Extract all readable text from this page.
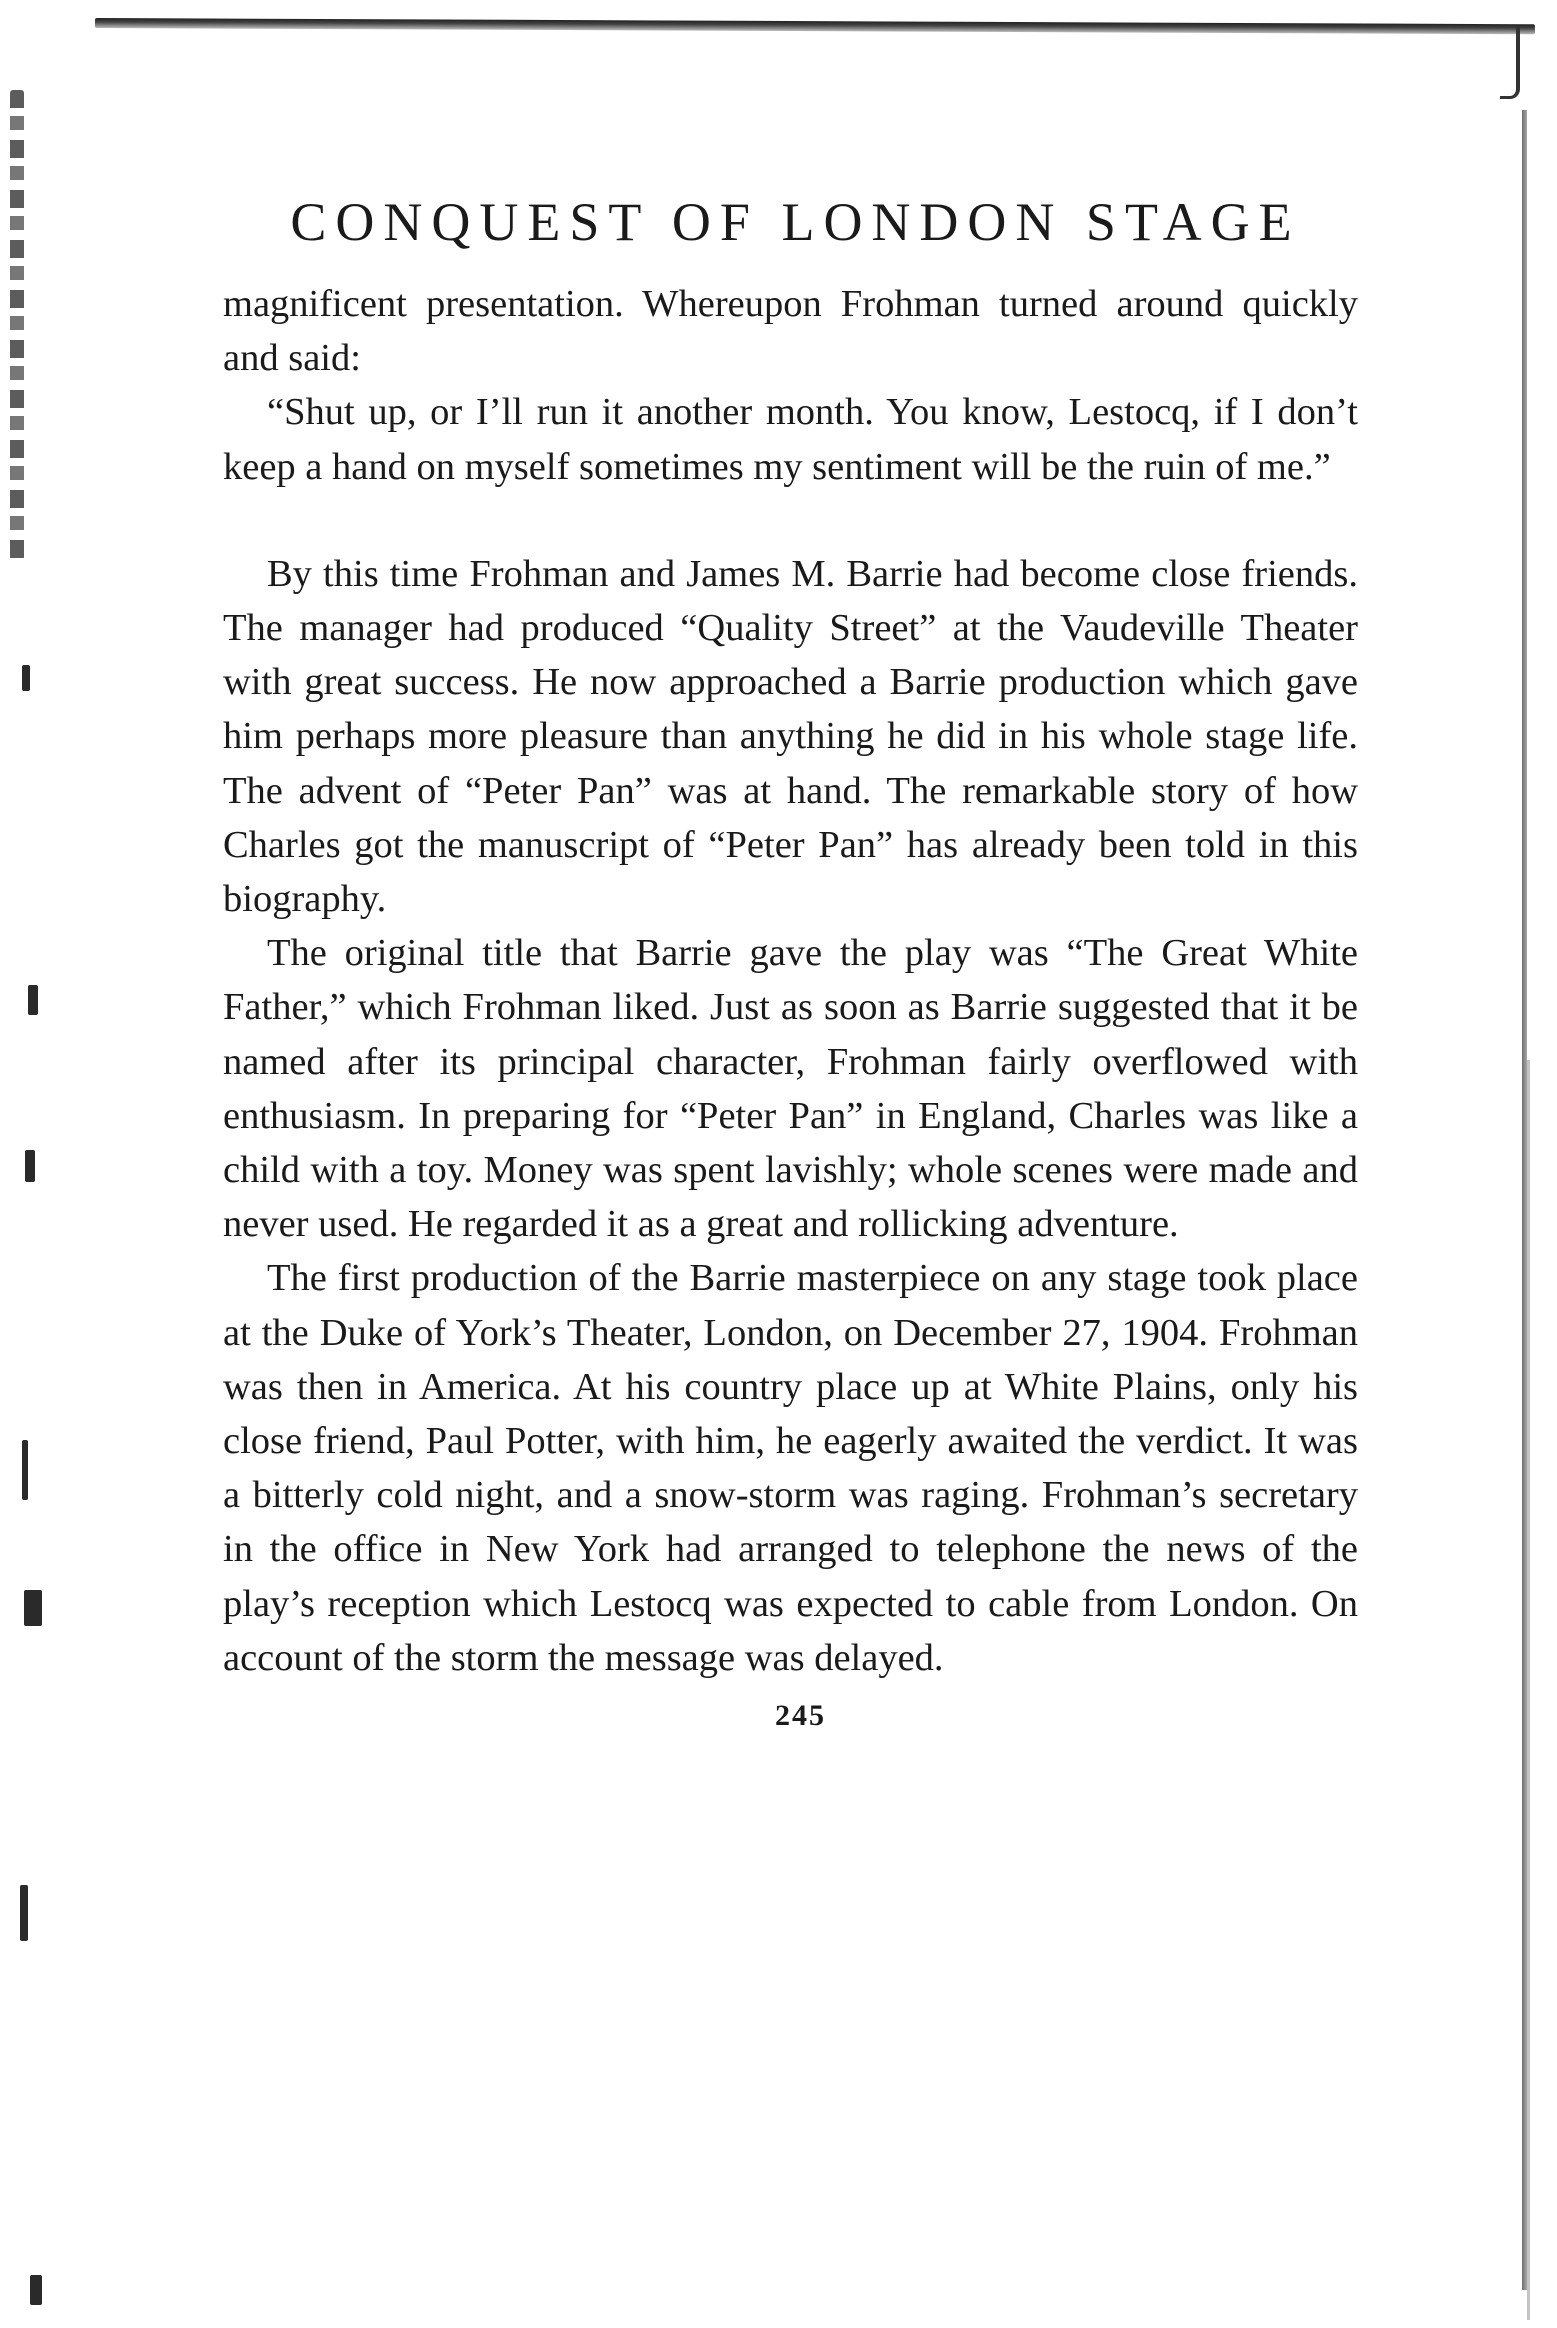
CONQUEST OF LONDON STAGE

magnificent presentation. Whereupon Frohman turned around quickly and said:

“Shut up, or I’ll run it another month. You know, Lestocq, if I don’t keep a hand on myself sometimes my sentiment will be the ruin of me.”

By this time Frohman and James M. Barrie had become close friends. The manager had produced “Quality Street” at the Vaudeville Theater with great success. He now approached a Barrie production which gave him perhaps more pleasure than anything he did in his whole stage life. The advent of “Peter Pan” was at hand. The remarkable story of how Charles got the manuscript of “Peter Pan” has already been told in this biography.

The original title that Barrie gave the play was “The Great White Father,” which Frohman liked. Just as soon as Barrie suggested that it be named after its principal character, Frohman fairly overflowed with enthusiasm. In preparing for “Peter Pan” in England, Charles was like a child with a toy. Money was spent lavishly; whole scenes were made and never used. He regarded it as a great and rollicking adventure.

The first production of the Barrie masterpiece on any stage took place at the Duke of York’s Theater, London, on December 27, 1904. Frohman was then in America. At his country place up at White Plains, only his close friend, Paul Potter, with him, he eagerly awaited the verdict. It was a bitterly cold night, and a snow-storm was raging. Frohman’s secretary in the office in New York had arranged to telephone the news of the play’s reception which Lestocq was expected to cable from London. On account of the storm the message was delayed.

245
